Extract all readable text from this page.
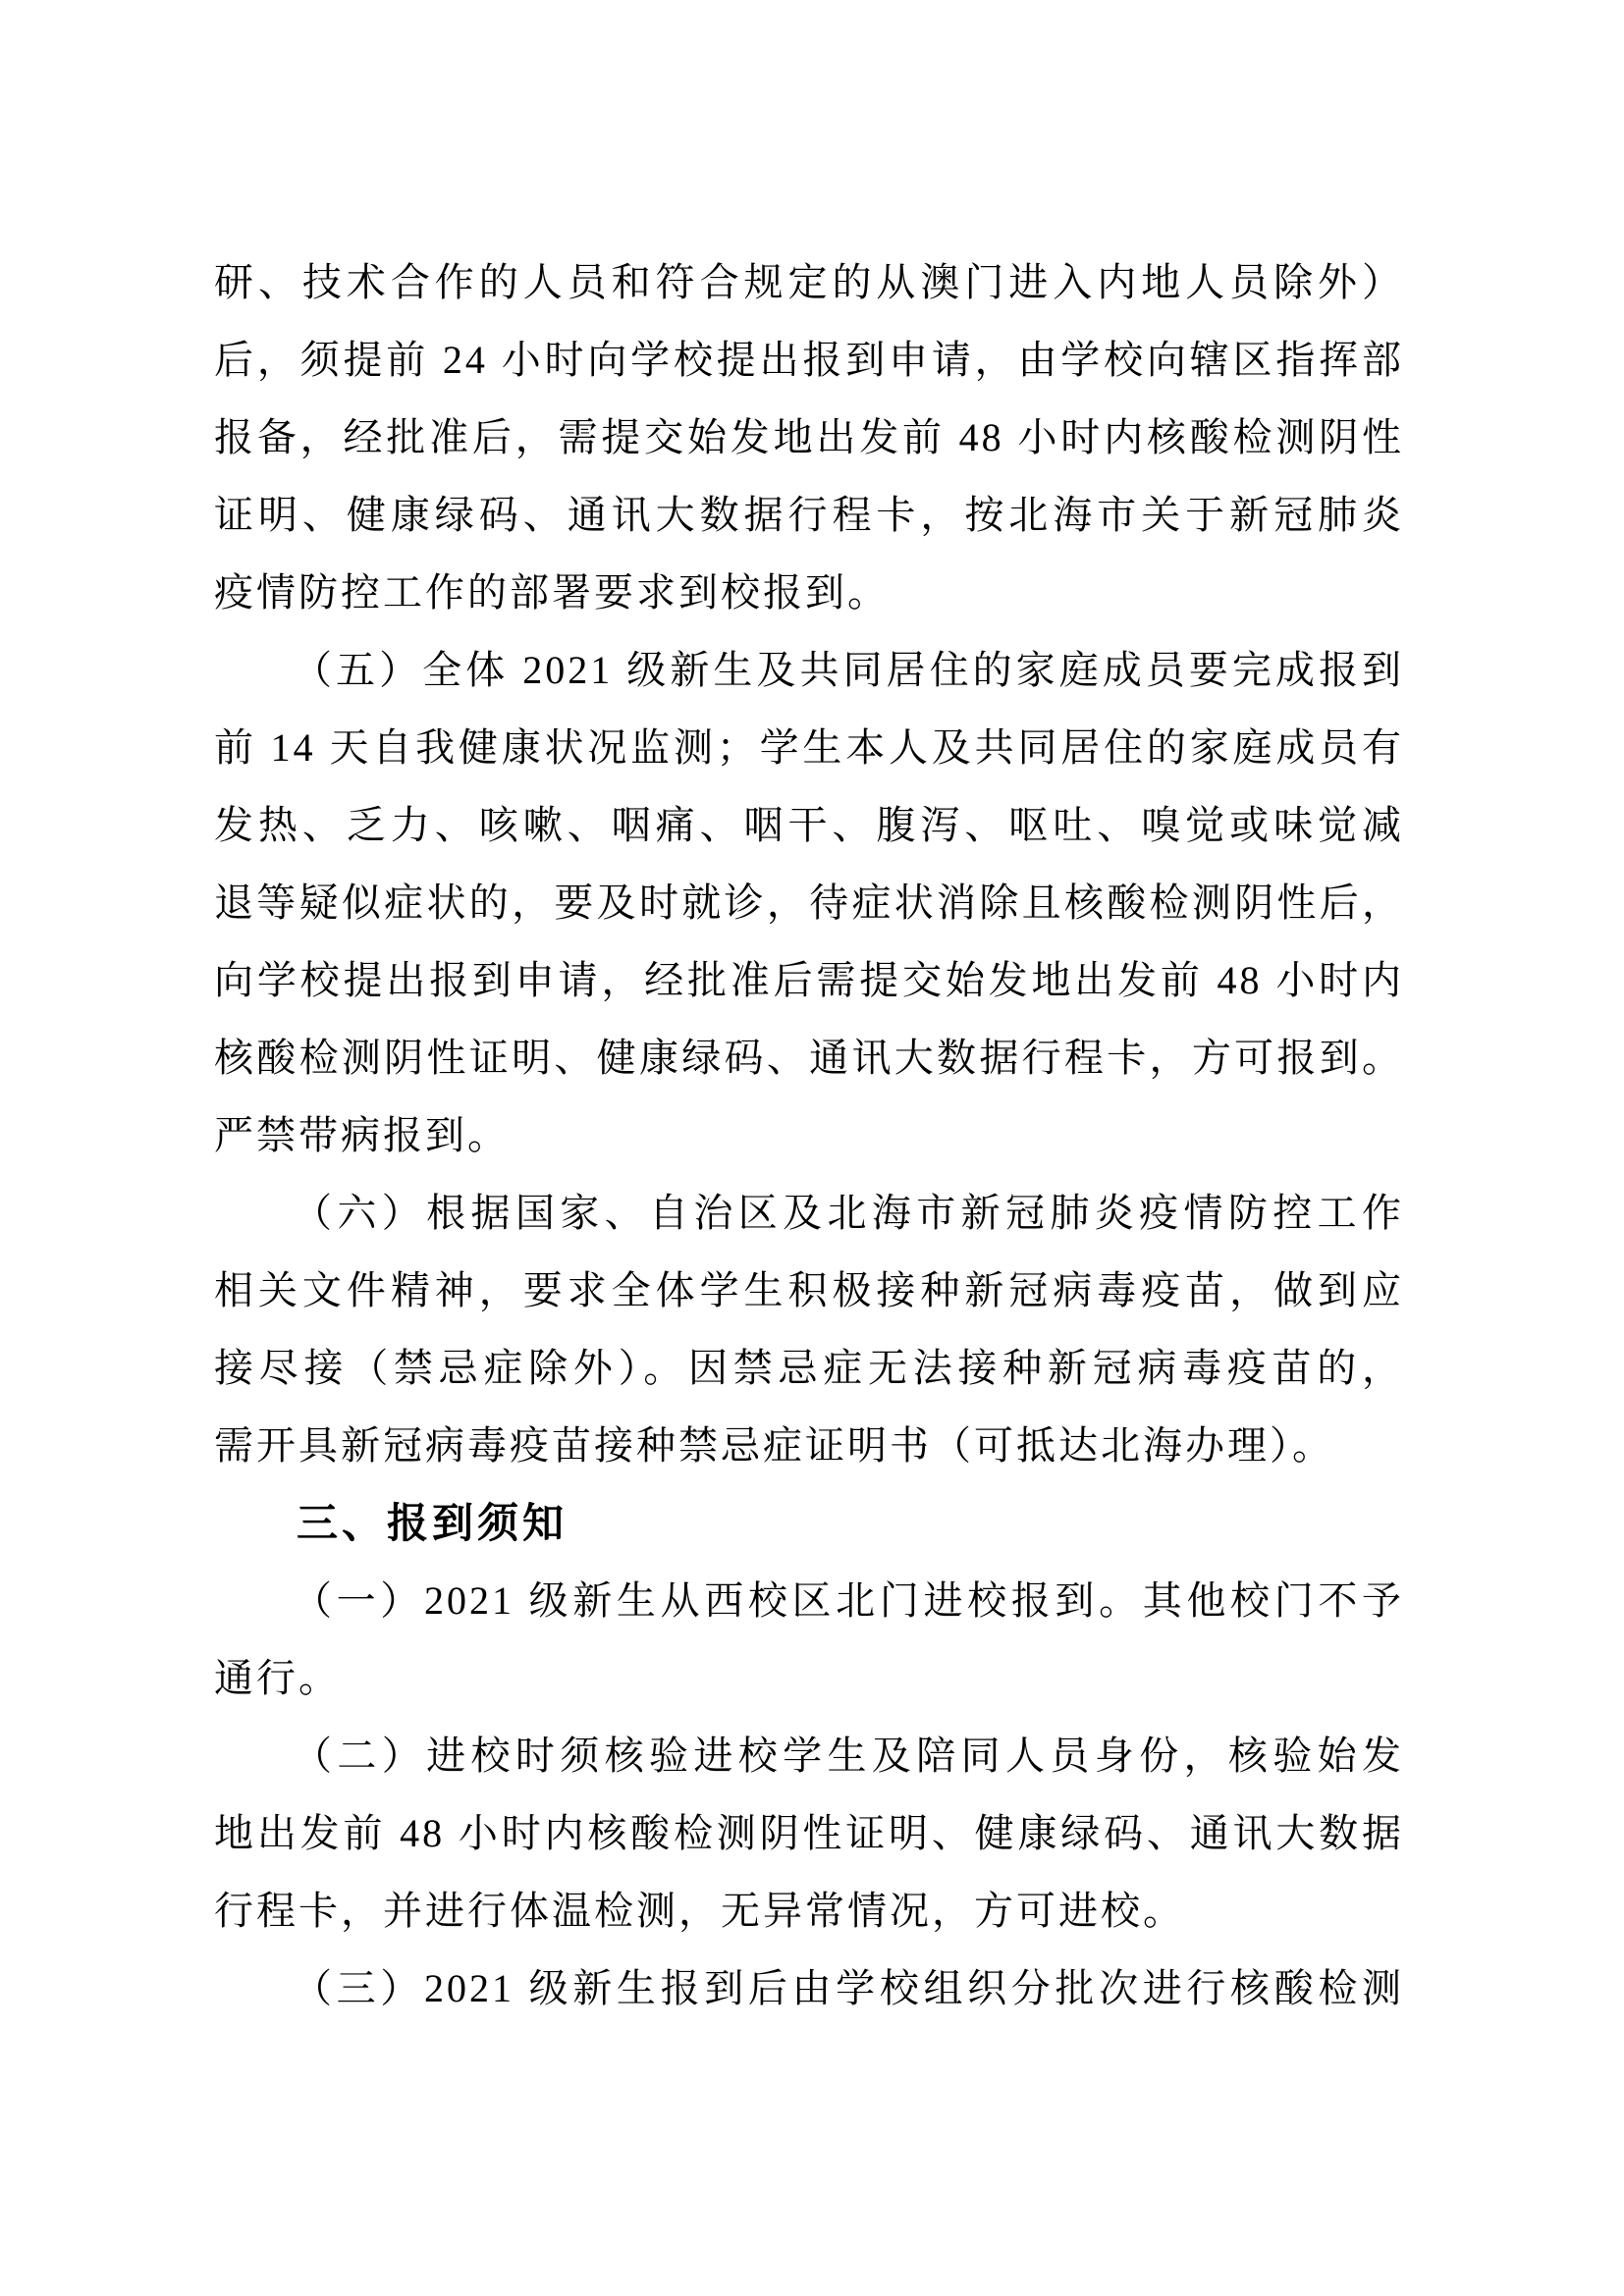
研、技术合作的人员和符合规定的从澳门进入内地人员除外）
后，须提前 24 小时向学校提出报到申请，由学校向辖区指挥部
报备，经批准后，需提交始发地出发前 48 小时内核酸检测阴性
证明、健康绿码、通讯大数据行程卡，按北海市关于新冠肺炎
疫情防控工作的部署要求到校报到。
（五）全体 2021 级新生及共同居住的家庭成员要完成报到
前 14 天自我健康状况监测；学生本人及共同居住的家庭成员有
发热、乏力、咳嗽、咽痛、咽干、腹泻、呕吐、嗅觉或味觉减
退等疑似症状的，要及时就诊，待症状消除且核酸检测阴性后，
向学校提出报到申请，经批准后需提交始发地出发前 48 小时内
核酸检测阴性证明、健康绿码、通讯大数据行程卡，方可报到。
严禁带病报到。
（六）根据国家、自治区及北海市新冠肺炎疫情防控工作
相关文件精神，要求全体学生积极接种新冠病毒疫苗，做到应
接尽接（禁忌症除外）。因禁忌症无法接种新冠病毒疫苗的，
需开具新冠病毒疫苗接种禁忌症证明书（可抵达北海办理）。
三、报到须知
（一）2021 级新生从西校区北门进校报到。其他校门不予
通行。
（二）进校时须核验进校学生及陪同人员身份，核验始发
地出发前 48 小时内核酸检测阴性证明、健康绿码、通讯大数据
行程卡，并进行体温检测，无异常情况，方可进校。
（三）2021 级新生报到后由学校组织分批次进行核酸检测
